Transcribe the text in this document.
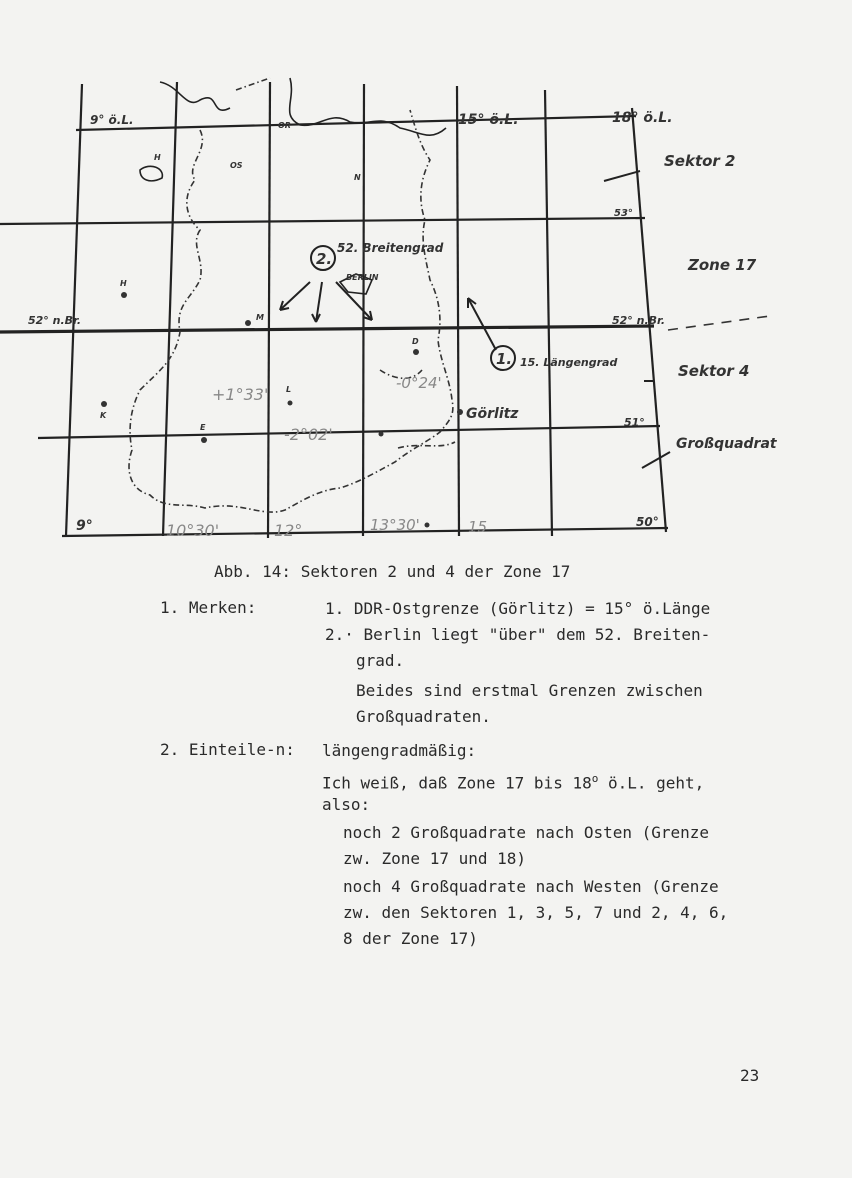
9° ö.L.	15° ö.L.	18° ö.L.
52° n.Br.	52° n.Br.
53°
51°
50°
Sektor 2
Zone 17
Sektor 4
Großquadrat
2.
52. Breitengrad
1. 15. Längengrad
BERLIN
Görlitz
9°	10°30'	12°	13°30'	15
+1°33'
-2°02'
-0°24'
H
OS
OR
N
M
H
K
E
L
D
Abb. 14: Sektoren 2 und 4 der Zone 17
1. Merken:	1. DDR-Ostgrenze (Görlitz) = 15° ö.Länge
2.· Berlin liegt "über" dem 52. Breiten-
grad.
Beides sind erstmal Grenzen zwischen
Großquadraten.
2. Einteile-n: längengradmäßig:
Ich weiß, daß Zone 17 bis 18$^o$ ö.L. geht,
also:
noch 2 Großquadrate nach Osten (Grenze
zw. Zone 17 und 18)
noch 4 Großquadrate nach Westen (Grenze
zw. den Sektoren 1, 3, 5, 7 und 2, 4, 6,
8 der Zone 17)
23
